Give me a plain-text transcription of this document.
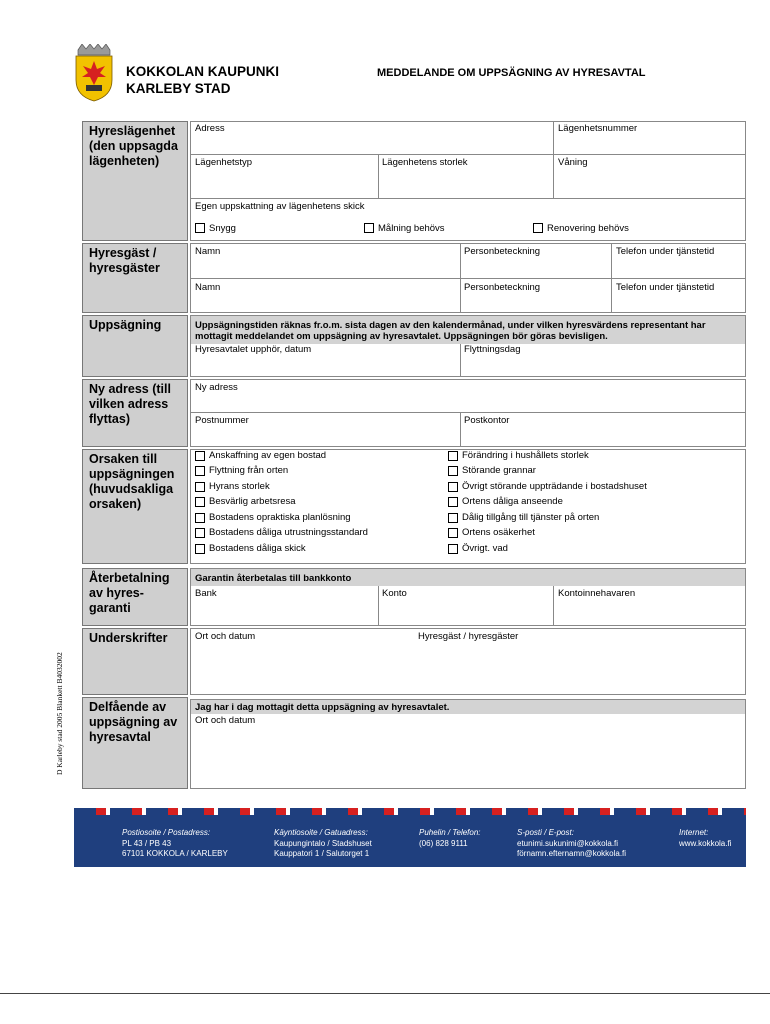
KOKKOLAN KAUPUNKI
KARLEBY STAD
MEDDELANDE OM UPPSÄGNING AV HYRESAVTAL
D Karleby stad 2005 Blankett B4032002
Hyreslägenhet (den uppsagda lägenheten)
Adress	Lägenhetsnummer
Lägenhetstyp	Lägenhetens storlek	Våning
Egen uppskattning av lägenhetens skick
Snygg	Målning behövs	Renovering behövs
Hyresgäst / hyresgäster
Namn	Personbeteckning	Telefon under tjänstetid
Namn	Personbeteckning	Telefon under tjänstetid
Uppsägning	Uppsägningstiden räknas fr.o.m. sista dagen av den kalendermånad, under vilken hyresvärdens representant har mottagit meddelandet om uppsägning av hyresavtalet. Uppsägningen bör göras bevisligen.
Hyresavtalet upphör, datum	Flyttningsdag
Ny adress (till vilken adress flyttas)
Ny adress
Postnummer	Postkontor
Orsaken till uppsägningen (huvudsakliga orsaken)
Anskaffning av egen bostad
Flyttning från orten
Hyrans storlek
Besvärlig arbetsresa
Bostadens opraktiska planlösning
Bostadens dåliga utrustningsstandard
Bostadens dåliga skick
Förändring i hushållets storlek
Störande grannar
Övrigt störande uppträdande i bostadshuset
Ortens dåliga anseende
Dålig tillgång till tjänster på orten
Ortens osäkerhet
Övrigt. vad
Återbetalning av hyres-garanti
Garantin återbetalas till bankkonto
Bank	Konto	Kontoinnehavaren
Underskrifter	Ort och datum	Hyresgäst / hyresgäster
Delfående av uppsägning av hyresavtal
Jag har i dag mottagit detta uppsägning av hyresavtalet.
Ort och datum
Postiosoite / Postadress:
PL 43 / PB 43
67101 KOKKOLA / KARLEBY
Käyntiosoite / Gatuadress:
Kaupungintalo / Stadshuset
Kauppatori 1 / Salutorget 1
Puhelin / Telefon:
(06) 828 9111
S-posti / E-post:
etunimi.sukunimi@kokkola.fi
förnamn.efternamn@kokkola.fi
Internet:
www.kokkola.fi
